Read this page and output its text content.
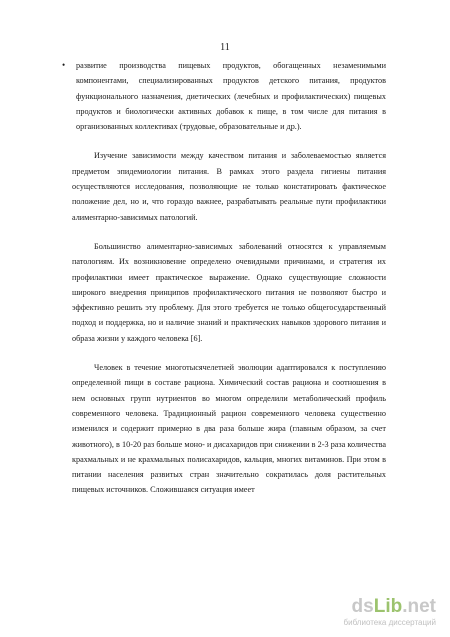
11
• развитие производства пищевых продуктов, обогащенных незаменимыми компонентами, специализированных продуктов детского питания, продуктов функционального назначения, диетических (лечебных и профилактических) пищевых продуктов и биологически активных добавок к пище, в том числе для питания в организованных коллективах (трудовые, образовательные и др.).

Изучение зависимости между качеством питания и заболеваемостью является предметом эпидемиологии питания. В рамках этого раздела гигиены питания осуществляются исследования, позволяющие не только констатировать фактическое положение дел, но и, что гораздо важнее, разрабатывать реальные пути профилактики алиментарно-зависимых патологий.

Большинство алиментарно-зависимых заболеваний относятся к управляемым патологиям. Их возникновение определено очевидными причинами, и стратегия их профилактики имеет практическое выражение. Однако существующие сложности широкого внедрения принципов профилактического питания не позволяют быстро и эффективно решить эту проблему. Для этого требуется не только общегосударственный подход и поддержка, но и наличие знаний и практических навыков здорового питания и образа жизни у каждого человека [6].

Человек в течение многотысячелетней эволюции адаптировался к поступлению определенной пищи в составе рациона. Химический состав рациона и соотношения в нем основных групп нутриентов во многом определили метаболический профиль современного человека. Традиционный рацион современного человека существенно изменился и содержит примерно в два раза больше жира (главным образом, за счет животного), в 10-20 раз больше моно- и дисахаридов при снижении в 2-3 раза количества крахмальных и не крахмальных полисахаридов, кальция, многих витаминов. При этом в питании населения развитых стран значительно сократилась доля растительных пищевых источников. Сложившаяся ситуация имеет

dsLib.net
библиотека диссертаций
